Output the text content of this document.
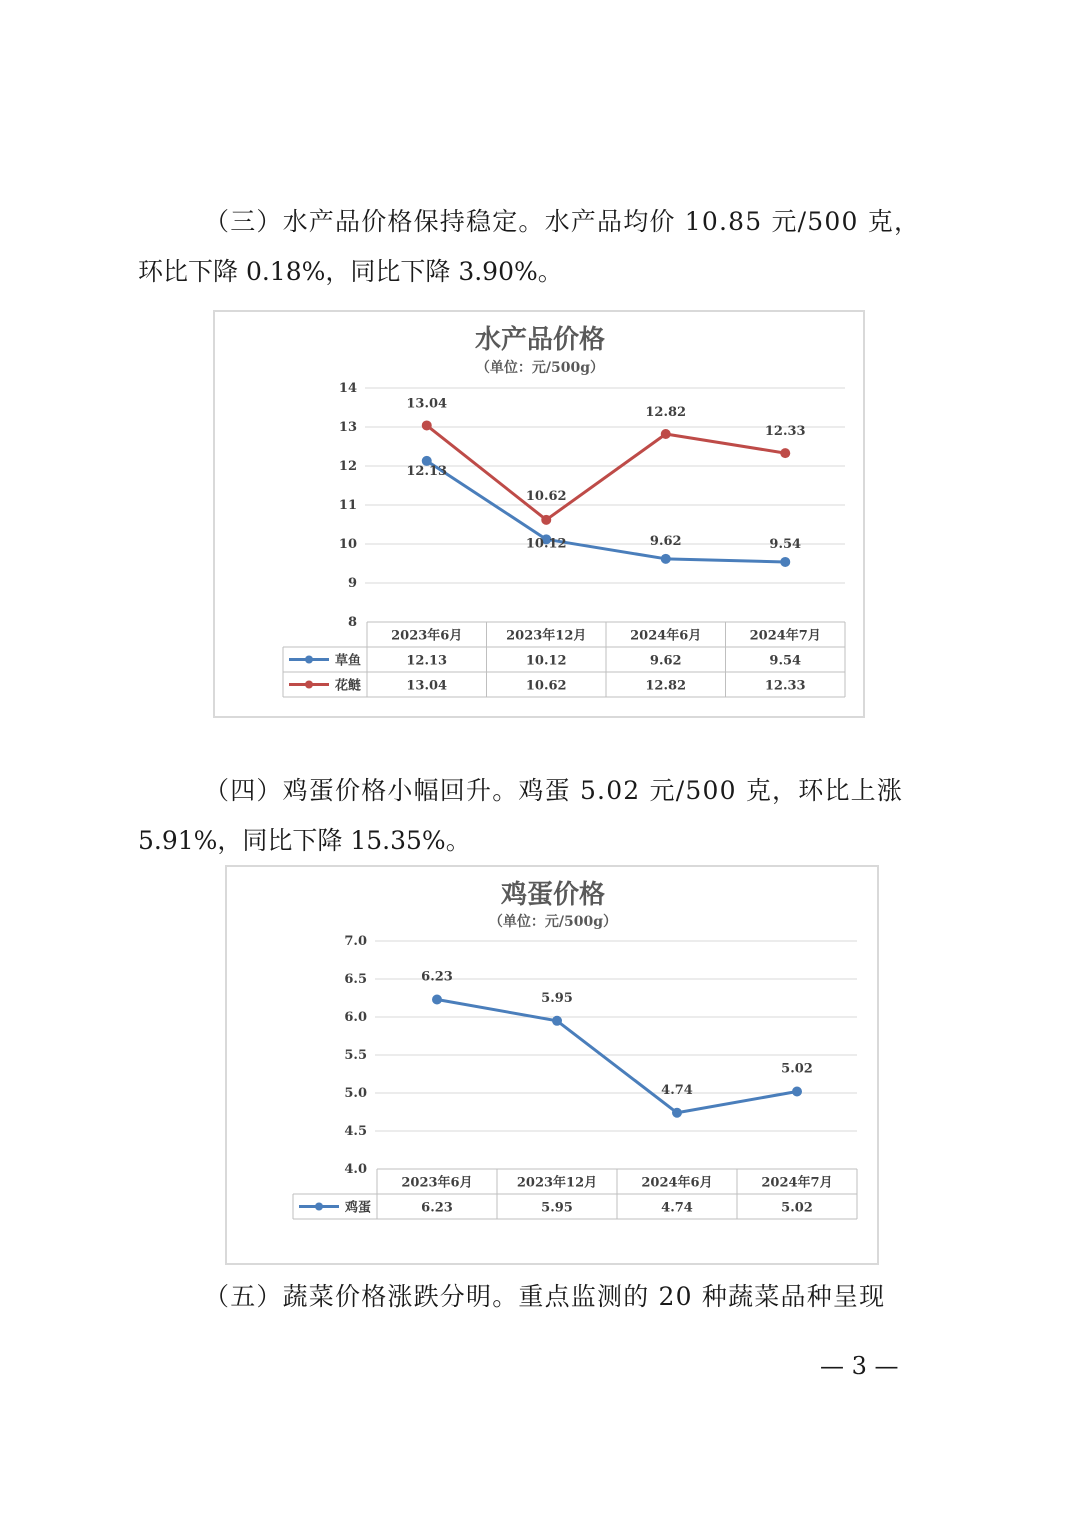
（三）水产品价格保持稳定。水产品均价 10.85 元/500 克，

环比下降 0.18%，同比下降 3.90%。

水产品价格
（单位：元/500g）
8
9
10
11
12
13
14
2023年6月	2023年12月	2024年6月	2024年7月
草鱼	12.13	10.12	9.62	9.54
花鲢	13.04	10.62	12.82	12.33
12.13
10.12	9.62	9.54
13.04
10.62
12.82
12.33

（四）鸡蛋价格小幅回升。鸡蛋 5.02 元/500 克，环比上涨

5.91%，同比下降 15.35%。

鸡蛋价格
（单位：元/500g）
4.0
4.5
5.0
5.5
6.0
6.5
7.0
2023年6月	2023年12月	2024年6月	2024年7月
鸡蛋	6.23	5.95	4.74	5.02
6.23
5.95
4.74
5.02

（五）蔬菜价格涨跌分明。重点监测的 20 种蔬菜品种呈现

— 3 —
